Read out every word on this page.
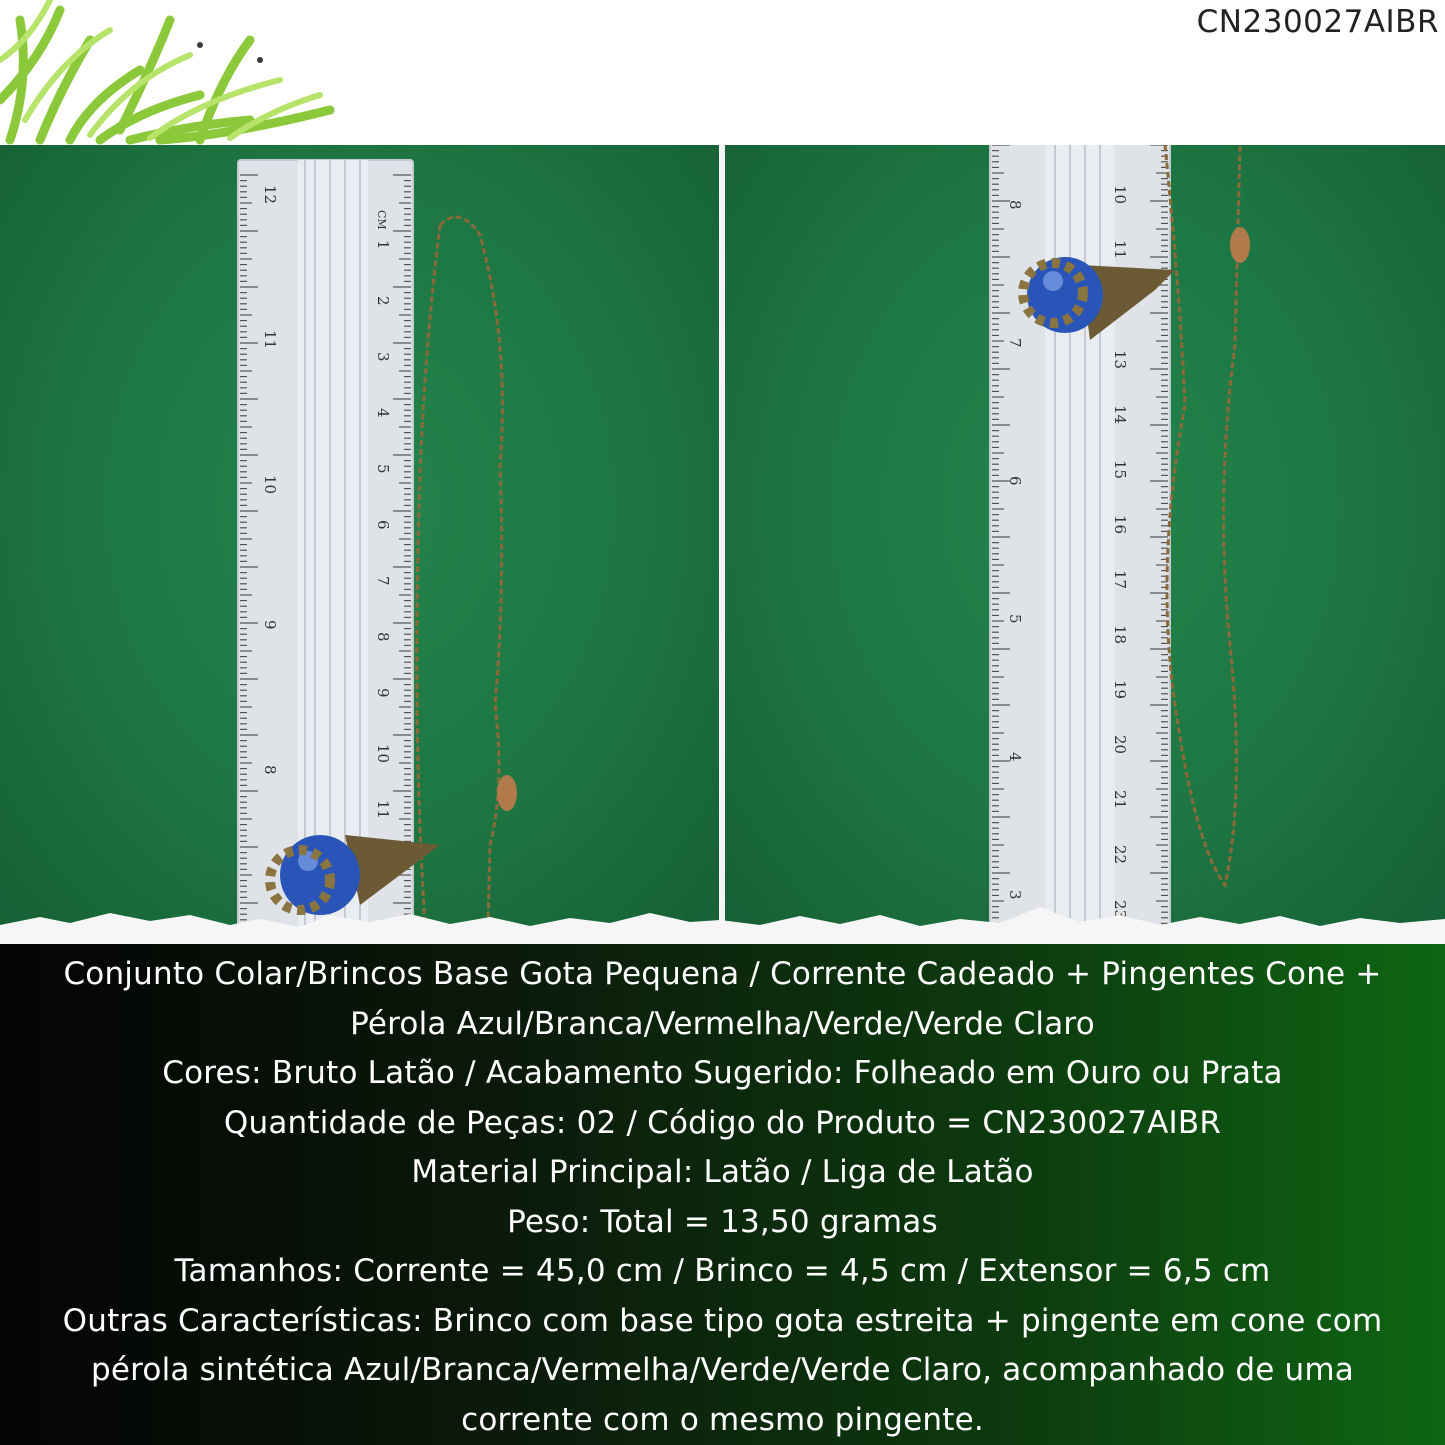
CN230027AIBR
1
2
3
4
5
6
7
8
9
10
11
12
11
10
9
8
CM
10
11
13
14
15
16
17
18
19
20
21
22
23
8
7
6
5
4
3
Conjunto Colar/Brincos Base Gota Pequena / Corrente Cadeado + Pingentes Cone +
Pérola Azul/Branca/Vermelha/Verde/Verde Claro
Cores: Bruto Latão / Acabamento Sugerido: Folheado em Ouro ou Prata
Quantidade de Peças: 02 / Código do Produto = CN230027AIBR
Material Principal: Latão / Liga de Latão
Peso: Total = 13,50 gramas
Tamanhos: Corrente = 45,0 cm / Brinco = 4,5 cm / Extensor = 6,5 cm
Outras Características: Brinco com base tipo gota estreita + pingente em cone com
pérola sintética Azul/Branca/Vermelha/Verde/Verde Claro, acompanhado de uma
corrente com o mesmo pingente.
